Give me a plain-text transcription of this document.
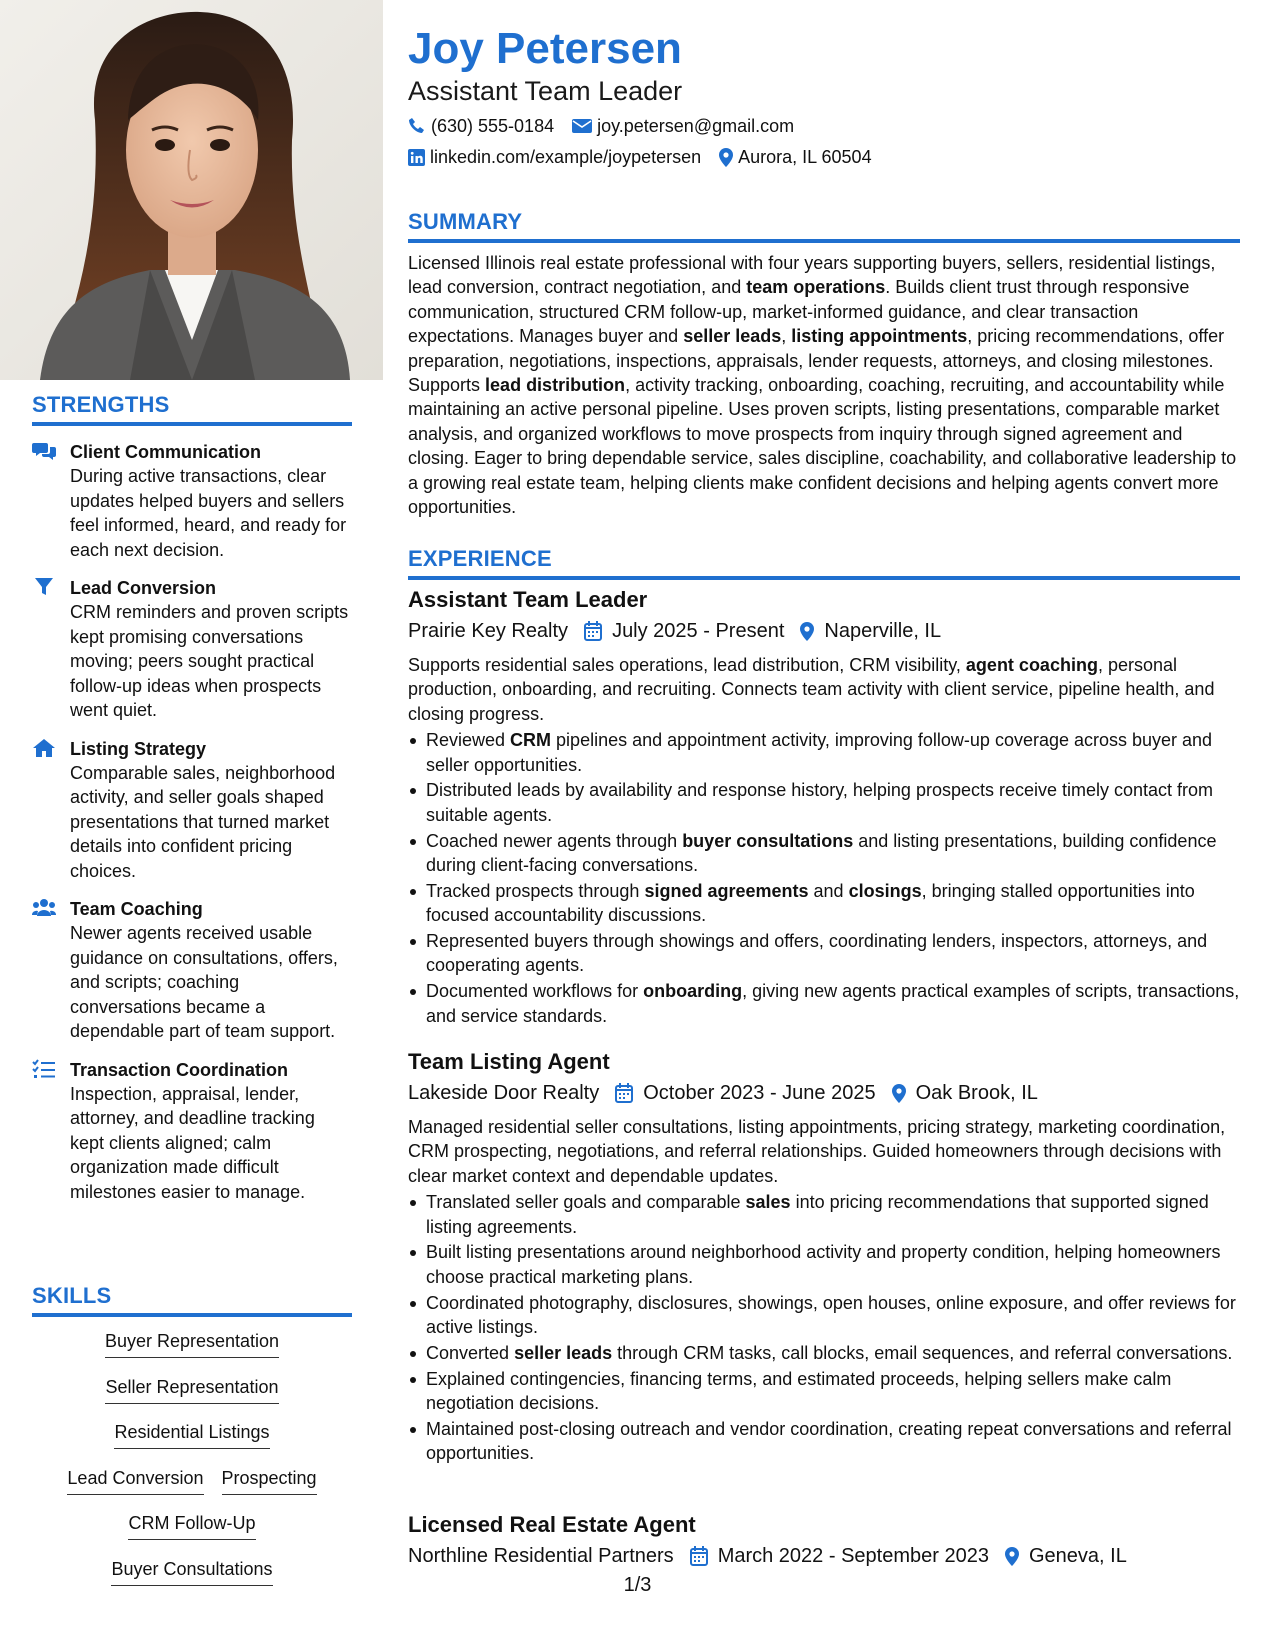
STRENGTHS
Client Communication
During active transactions, clear updates helped buyers and sellers feel informed, heard, and ready for each next decision.
Lead Conversion
CRM reminders and proven scripts kept promising conversations moving; peers sought practical follow-up ideas when prospects went quiet.
Listing Strategy
Comparable sales, neighborhood activity, and seller goals shaped presentations that turned market details into confident pricing choices.
Team Coaching
Newer agents received usable guidance on consultations, offers, and scripts; coaching conversations became a dependable part of team support.
Transaction Coordination
Inspection, appraisal, lender, attorney, and deadline tracking kept clients aligned; calm organization made difficult milestones easier to manage.
SKILLS
Buyer Representation
Seller Representation
Residential Listings
Lead Conversion Prospecting
CRM Follow-Up
Buyer Consultations
Joy Petersen
Assistant Team Leader
(630) 555-0184 joy.petersen@gmail.com
linkedin.com/example/joypetersen Aurora, IL 60504
SUMMARY
Licensed Illinois real estate professional with four years supporting buyers, sellers, residential listings, lead conversion, contract negotiation, and team operations. Builds client trust through responsive communication, structured CRM follow-up, market-informed guidance, and clear transaction expectations. Manages buyer and seller leads, listing appointments, pricing recommendations, offer preparation, negotiations, inspections, appraisals, lender requests, attorneys, and closing milestones. Supports lead distribution, activity tracking, onboarding, coaching, recruiting, and accountability while maintaining an active personal pipeline. Uses proven scripts, listing presentations, comparable market analysis, and organized workflows to move prospects from inquiry through signed agreement and closing. Eager to bring dependable service, sales discipline, coachability, and collaborative leadership to a growing real estate team, helping clients make confident decisions and helping agents convert more opportunities.
EXPERIENCE
Assistant Team Leader
Prairie Key Realty July 2025 - Present Naperville, IL
Supports residential sales operations, lead distribution, CRM visibility, agent coaching, personal production, onboarding, and recruiting. Connects team activity with client service, pipeline health, and closing progress.
Reviewed CRM pipelines and appointment activity, improving follow-up coverage across buyer and seller opportunities.
Distributed leads by availability and response history, helping prospects receive timely contact from suitable agents.
Coached newer agents through buyer consultations and listing presentations, building confidence during client-facing conversations.
Tracked prospects through signed agreements and closings, bringing stalled opportunities into focused accountability discussions.
Represented buyers through showings and offers, coordinating lenders, inspectors, attorneys, and cooperating agents.
Documented workflows for onboarding, giving new agents practical examples of scripts, transactions, and service standards.
Team Listing Agent
Lakeside Door Realty October 2023 - June 2025 Oak Brook, IL
Managed residential seller consultations, listing appointments, pricing strategy, marketing coordination, CRM prospecting, negotiations, and referral relationships. Guided homeowners through decisions with clear market context and dependable updates.
Translated seller goals and comparable sales into pricing recommendations that supported signed listing agreements.
Built listing presentations around neighborhood activity and property condition, helping homeowners choose practical marketing plans.
Coordinated photography, disclosures, showings, open houses, online exposure, and offer reviews for active listings.
Converted seller leads through CRM tasks, call blocks, email sequences, and referral conversations.
Explained contingencies, financing terms, and estimated proceeds, helping sellers make calm negotiation decisions.
Maintained post-closing outreach and vendor coordination, creating repeat conversations and referral opportunities.
Licensed Real Estate Agent
Northline Residential Partners March 2022 - September 2023 Geneva, IL
1/3
